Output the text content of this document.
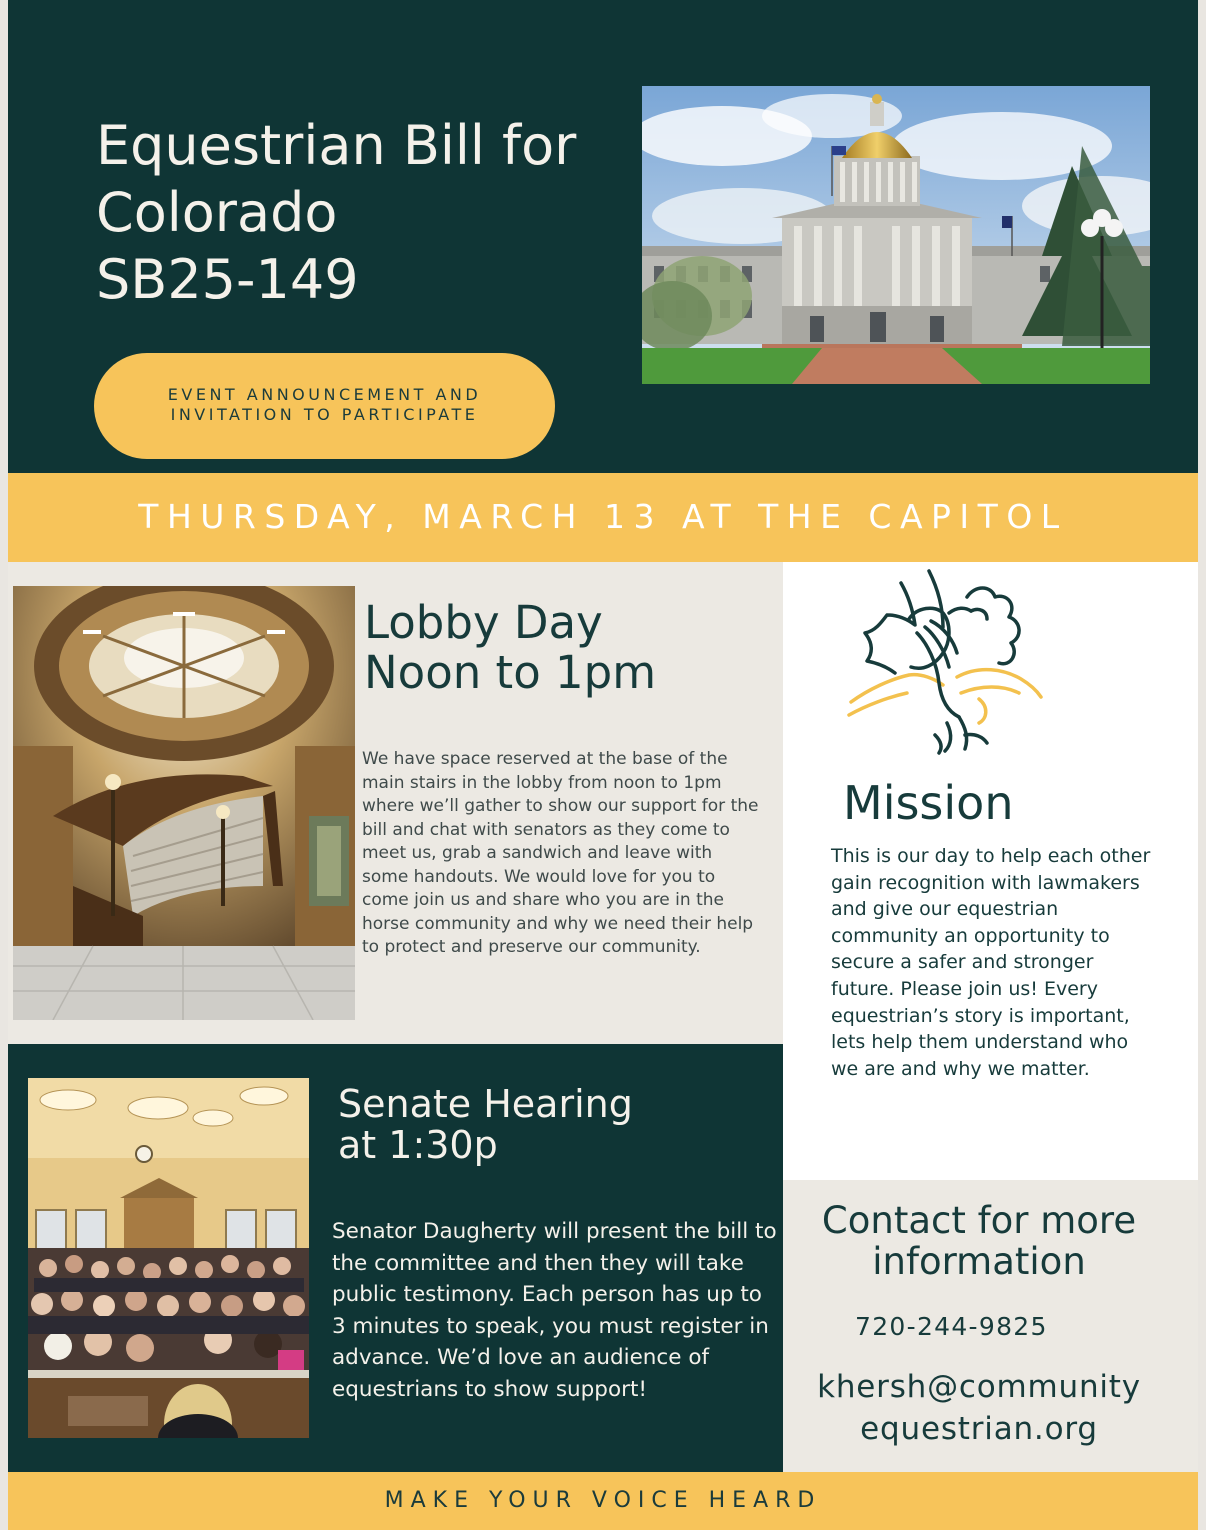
Equestrian Bill for
Colorado
SB25-149
EVENT ANNOUNCEMENT AND
INVITATION TO PARTICIPATE
THURSDAY, MARCH 13 AT THE CAPITOL
Lobby Day
Noon to 1pm
We have space reserved at the base of the main stairs in the lobby from noon to 1pm where we’ll gather to show our support for the bill and chat with senators as they come to meet us, grab a sandwich and leave with some handouts. We would love for you to come join us and share who you are in the horse community and why we need their help to protect and preserve our community.
Mission
This is our day to help each other gain recognition with lawmakers and give our equestrian community an opportunity to secure a safer and stronger future. Please join us! Every equestrian’s story is important, lets help them understand who we are and why we matter.
Senate Hearing
at 1:30p
Senator Daugherty will present the bill to the committee and then they will take public testimony. Each person has up to 3 minutes to speak, you must register in advance. We’d love an audience of equestrians to show support!
Contact for more
information
720-244-9825
khersh@community
equestrian.org
MAKE YOUR VOICE HEARD
